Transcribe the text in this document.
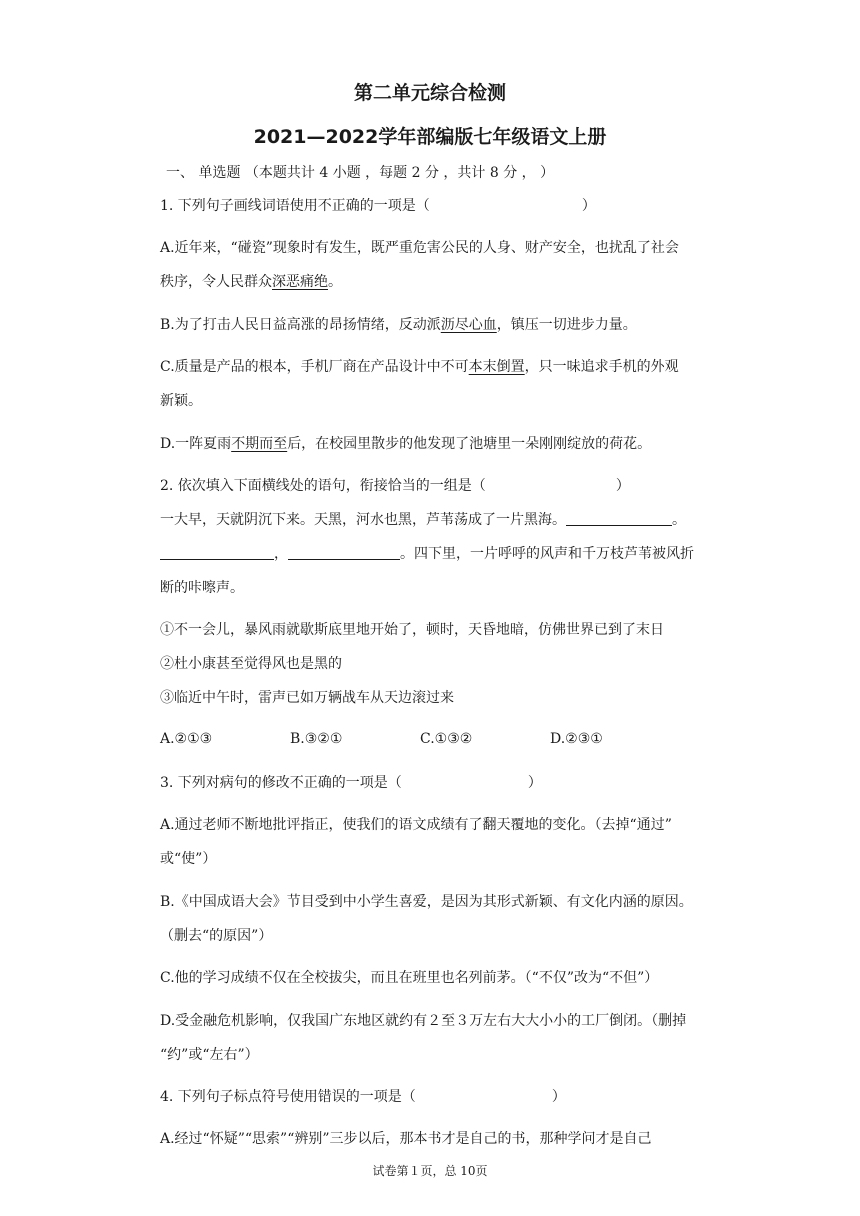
第二单元综合检测
2021—2022学年部编版七年级语文上册
一、 单选题 （本题共计 4 小题 ，每题 2 分 ，共计 8 分 ， ）
1. 下列句子画线词语使用不正确的一项是（	）
A.近年来，“碰瓷”现象时有发生，既严重危害公民的人身、财产安全，也扰乱了社会
秩序，令人民群众深恶痛绝。
B.为了打击人民日益高涨的昂扬情绪，反动派沥尽心血，镇压一切进步力量。
C.质量是产品的根本，手机厂商在产品设计中不可本末倒置，只一味追求手机的外观
新颖。
D.一阵夏雨不期而至后，在校园里散步的他发现了池塘里一朵刚刚绽放的荷花。
2. 依次填入下面横线处的语句，衔接恰当的一组是（	）
一大早，天就阴沉下来。天黑，河水也黑，芦苇荡成了一片黑海。	。
，	。四下里，一片呼呼的风声和千万枝芦苇被风折
断的咔嚓声。
①不一会儿，暴风雨就歇斯底里地开始了，顿时，天昏地暗，仿佛世界已到了末日
②杜小康甚至觉得风也是黑的
③临近中午时，雷声已如万辆战车从天边滚过来
A.②①③	B.③②①	C.①③②	D.②③①
3. 下列对病句的修改不正确的一项是（	）
A.通过老师不断地批评指正，使我们的语文成绩有了翻天覆地的变化。（去掉“通过”
或“使”）
B.《中国成语大会》节目受到中小学生喜爱，是因为其形式新颖、有文化内涵的原因。
（删去“的原因”）
C.他的学习成绩不仅在全校拔尖，而且在班里也名列前茅。（“不仅”改为“不但”）
D.受金融危机影响，仅我国广东地区就约有２至３万左右大大小小的工厂倒闭。（删掉
“约”或“左右”）
4. 下列句子标点符号使用错误的一项是（	）
A.经过“怀疑”“思索”“辨别”三步以后，那本书才是自己的书，那种学问才是自己
试卷第１页，总 10页
